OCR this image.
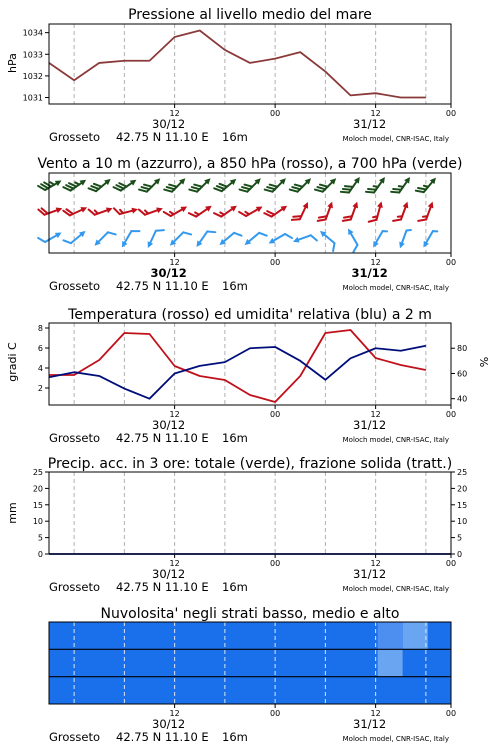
Pressione al livello medio del mare
hPa
1031
1032
1033
1034
12	00	12	00
30/12	31/12
Grosseto 42.75 N 11.10 E 16m	Moloch model, CNR-ISAC, Italy
Vento a 10 m (azzurro), a 850 hPa (rosso), a 700 hPa (verde)
12	00	12	00
30/12	31/12
Grosseto 42.75 N 11.10 E 16m	Moloch model, CNR-ISAC, Italy
Temperatura (rosso) ed umidita' relativa (blu) a 2 m
gradi C	%
2
4
6
8
40
60
80
12	00	12	00
30/12	31/12
Grosseto 42.75 N 11.10 E 16m	Moloch model, CNR-ISAC, Italy
Precip. acc. in 3 ore: totale (verde), frazione solida (tratt.)
mm
0
5
10
15
20
25
0
5
10
15
20
25
12	00	12	00
30/12	31/12
Grosseto 42.75 N 11.10 E 16m	Moloch model, CNR-ISAC, Italy
Nuvolosita' negli strati basso, medio e alto
12	00	12	00
30/12	31/12
Grosseto 42.75 N 11.10 E 16m	Moloch model, CNR-ISAC, Italy
